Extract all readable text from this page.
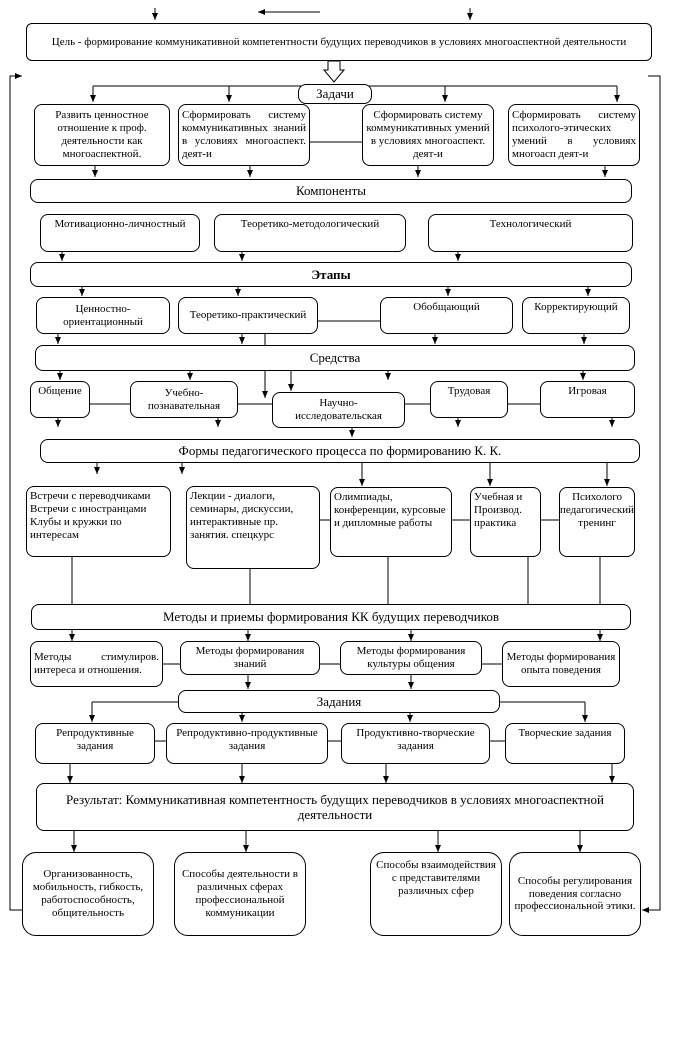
Цель - формирование коммуникативной компетентности будущих переводчиков в условиях многоаспектной деятельности
Задачи
Развить ценностное отношение к проф. деятельности как многоаспектной.
Сформировать систему коммуникативных знаний в условиях многоаспект. деят-и
Сформировать систему коммуникативных умений в условиях многоаспект. деят-и
Сформировать систему психолого-этических умений в условиях многоасп деят-и
Компоненты
Мотивационно-личностный	Теоретико-методологический	Технологический
Этапы
Ценностно-ориентационный
Теоретико-практический
Обобщающий	Корректирующий
Средства
Общение	Учебно-познавательная	Научно-исследовательская
Трудовая	Игровая
Формы педагогического процесса по формированию К. К.
Встречи с переводчиками Встречи с иностранцами Клубы и кружки по интересам
Лекции - диалоги, семинары, дискуссии, интерактивные пр. занятия. спецкурс
Олимпиады, конференции, курсовые и дипломные работы
Учебная и Производ. практика
Психолого педагогический тренинг
Методы и приемы формирования КК будущих переводчиков
Методы стимулиров. интереса и отношения.
Методы формирования знаний
Методы формирования культуры общения
Методы формирования опыта поведения
Задания
Репродуктивные задания
Репродуктивно-продуктивные задания
Продуктивно-творческие задания
Творческие задания
Результат: Коммуникативная компетентность будущих переводчиков в условиях многоаспектной деятельности
Организованность, мобильность, гибкость, работоспособность, общительность
Способы деятельности в различных сферах профессиональной коммуникации
Способы взаимодействия с представителями различных сфер
Способы регулирования поведения согласно профессиональной этики.
